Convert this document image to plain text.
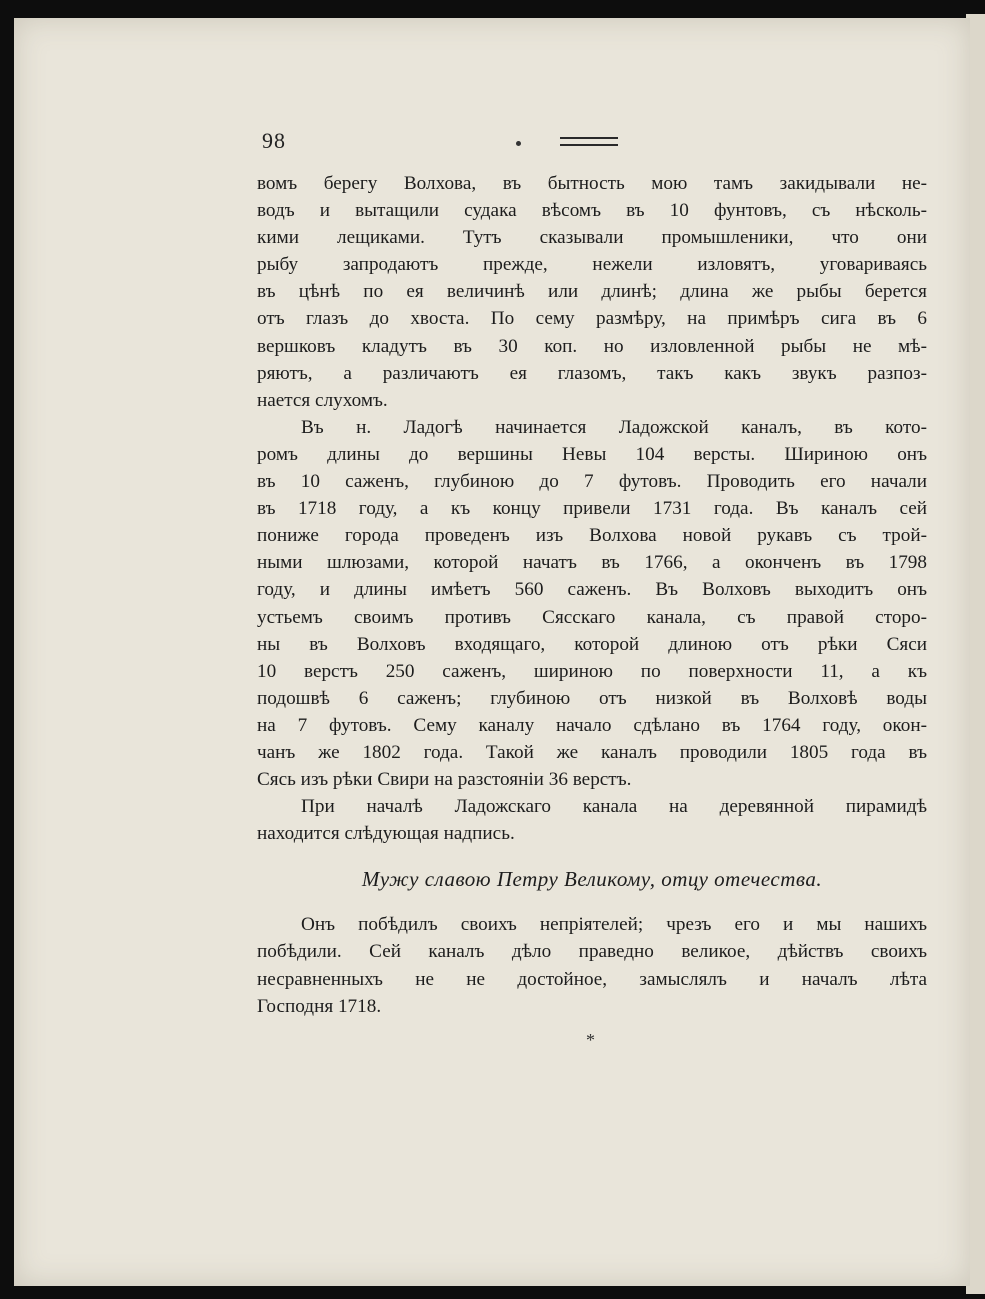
98
вомъ берегу Волхова, въ бытность мою тамъ закидывали не-
водъ и вытащили судака вѣсомъ въ 10 фунтовъ, съ нѣсколь-
кими лещиками. Тутъ сказывали промышленики, что они
рыбу запродаютъ прежде, нежели изловятъ, уговариваясь
въ цѣнѣ по ея величинѣ или длинѣ; длина же рыбы берется
отъ глазъ до хвоста. По сему размѣру, на примѣръ сига въ 6
вершковъ кладутъ въ 30 коп. но изловленной рыбы не мѣ-
ряютъ, а различаютъ ея глазомъ, такъ какъ звукъ разпоз-
нается слухомъ.
Въ н. Ладогѣ начинается Ладожской каналъ, въ кото-
ромъ длины до вершины Невы 104 версты. Шириною онъ
въ 10 саженъ, глубиною до 7 футовъ. Проводить его начали
въ 1718 году, а къ концу привели 1731 года. Въ каналъ сей
пониже города проведенъ изъ Волхова новой рукавъ съ трой-
ными шлюзами, которой начатъ въ 1766, а оконченъ въ 1798
году, и длины имѣетъ 560 саженъ. Въ Волховъ выходитъ онъ
устьемъ своимъ противъ Сясскаго канала, съ правой сторо-
ны въ Волховъ входящаго, которой длиною отъ рѣки Сяси
10 верстъ 250 саженъ, шириною по поверхности 11, а къ
подошвѣ 6 саженъ; глубиною отъ низкой въ Волховѣ воды
на 7 футовъ. Сему каналу начало сдѣлано въ 1764 году, окон-
чанъ же 1802 года. Такой же каналъ проводили 1805 года въ
Сясь изъ рѣки Свири на разстояніи 36 верстъ.
При началѣ Ладожскаго канала на деревянной пирамидѣ
находится слѣдующая надпись.
Мужу славою Петру Великому, отцу отечества.
Онъ побѣдилъ своихъ непріятелей; чрезъ его и мы нашихъ
побѣдили. Сей каналъ дѣло праведно великое, дѣйствъ своихъ
несравненныхъ не не достойное, замыслялъ и началъ лѣта
Господня 1718.
*
